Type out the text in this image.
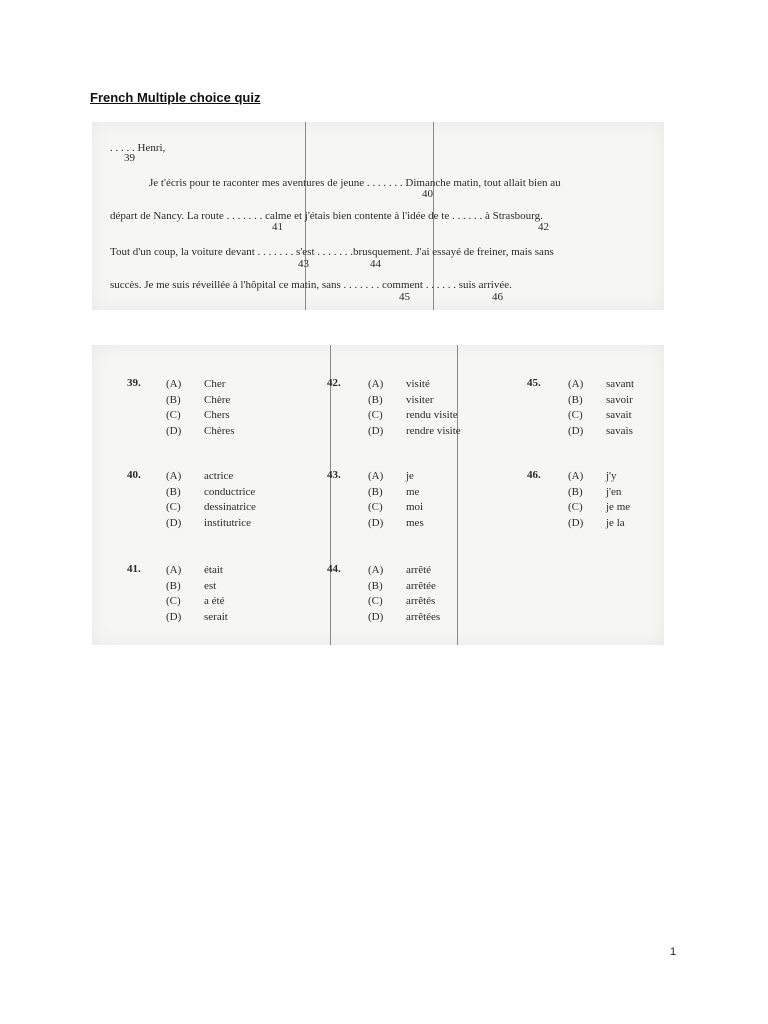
French Multiple choice quiz
. . . . . Henri,
39
Je t'écris pour te raconter mes aventures de jeune . . . . . . . Dimanche matin, tout allait bien au
40
départ de Nancy. La route . . . . . . . calme et j'étais bien contente à l'idée de te . . . . . . à Strasbourg.
41	42
Tout d'un coup, la voiture devant . . . . . . . s'est . . . . . . .brusquement. J'ai essayé de freiner, mais sans
43	44
succès. Je me suis réveillée à l'hôpital ce matin, sans . . . . . . . comment . . . . . . suis arrivée.
45	46
39. (A) Cher
(B) Chère
(C) Chers
(D) Chères
40. (A) actrice
(B) conductrice
(C) dessinatrice
(D) institutrice
41. (A) était
(B) est
(C) a été
(D) serait
42. (A) visité
(B) visiter
(C) rendu visite
(D) rendre visite
43. (A) je
(B) me
(C) moi
(D) mes
44. (A) arrêté
(B) arrêtée
(C) arrêtés
(D) arrêtées
45. (A) savant
(B) savoir
(C) savait
(D) savais
46. (A) j'y
(B) j'en
(C) je me
(D) je la
1
